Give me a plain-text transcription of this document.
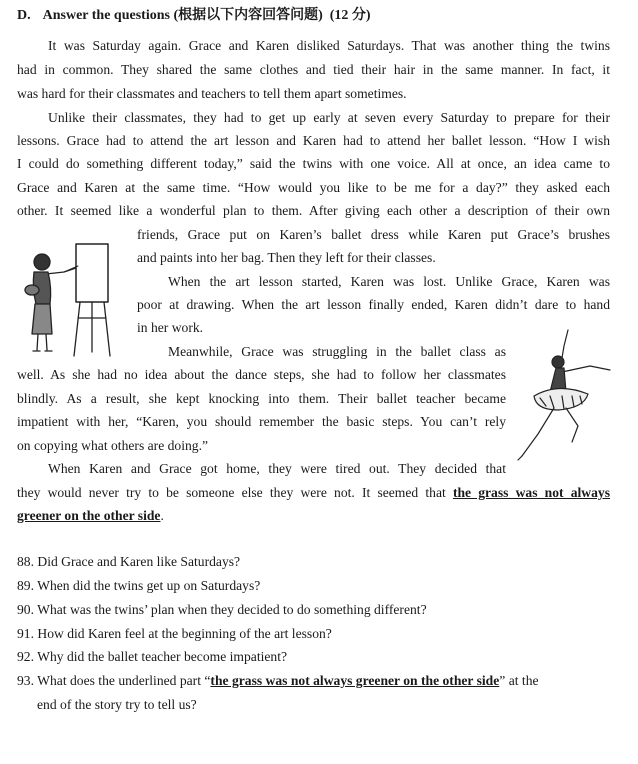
D. Answer the questions (根据以下内容回答问题) (12 分)
It was Saturday again. Grace and Karen disliked Saturdays. That was another thing the twins
had in common. They shared the same clothes and tied their hair in the same manner. In fact, it
was hard for their classmates and teachers to tell them apart sometimes.
Unlike their classmates, they had to get up early at seven every Saturday to prepare for their
lessons. Grace had to attend the art lesson and Karen had to attend her ballet lesson. “How I wish
I could do something different today,” said the twins with one voice. All at once, an idea came to
Grace and Karen at the same time. “How would you like to be me for a day?” they asked each
other. It seemed like a wonderful plan to them. After giving each other a description of their own
friends, Grace put on Karen’s ballet dress while Karen put Grace’s brushes
and paints into her bag. Then they left for their classes.
When the art lesson started, Karen was lost. Unlike Grace, Karen was
poor at drawing. When the art lesson finally ended, Karen didn’t dare to hand
in her work.
Meanwhile, Grace was struggling in the ballet class as
well. As she had no idea about the dance steps, she had to follow her classmates
blindly. As a result, she kept knocking into them. Their ballet teacher became
impatient with her, “Karen, you should remember the basic steps. You can’t rely
on copying what others are doing.”
When Karen and Grace got home, they were tired out. They decided that
they would never try to be someone else they were not. It seemed that the grass was not always
greener on the other side.
88. Did Grace and Karen like Saturdays?
89. When did the twins get up on Saturdays?
90. What was the twins’ plan when they decided to do something different?
91. How did Karen feel at the beginning of the art lesson?
92. Why did the ballet teacher become impatient?
93. What does the underlined part “the grass was not always greener on the other side” at the
end of the story try to tell us?
